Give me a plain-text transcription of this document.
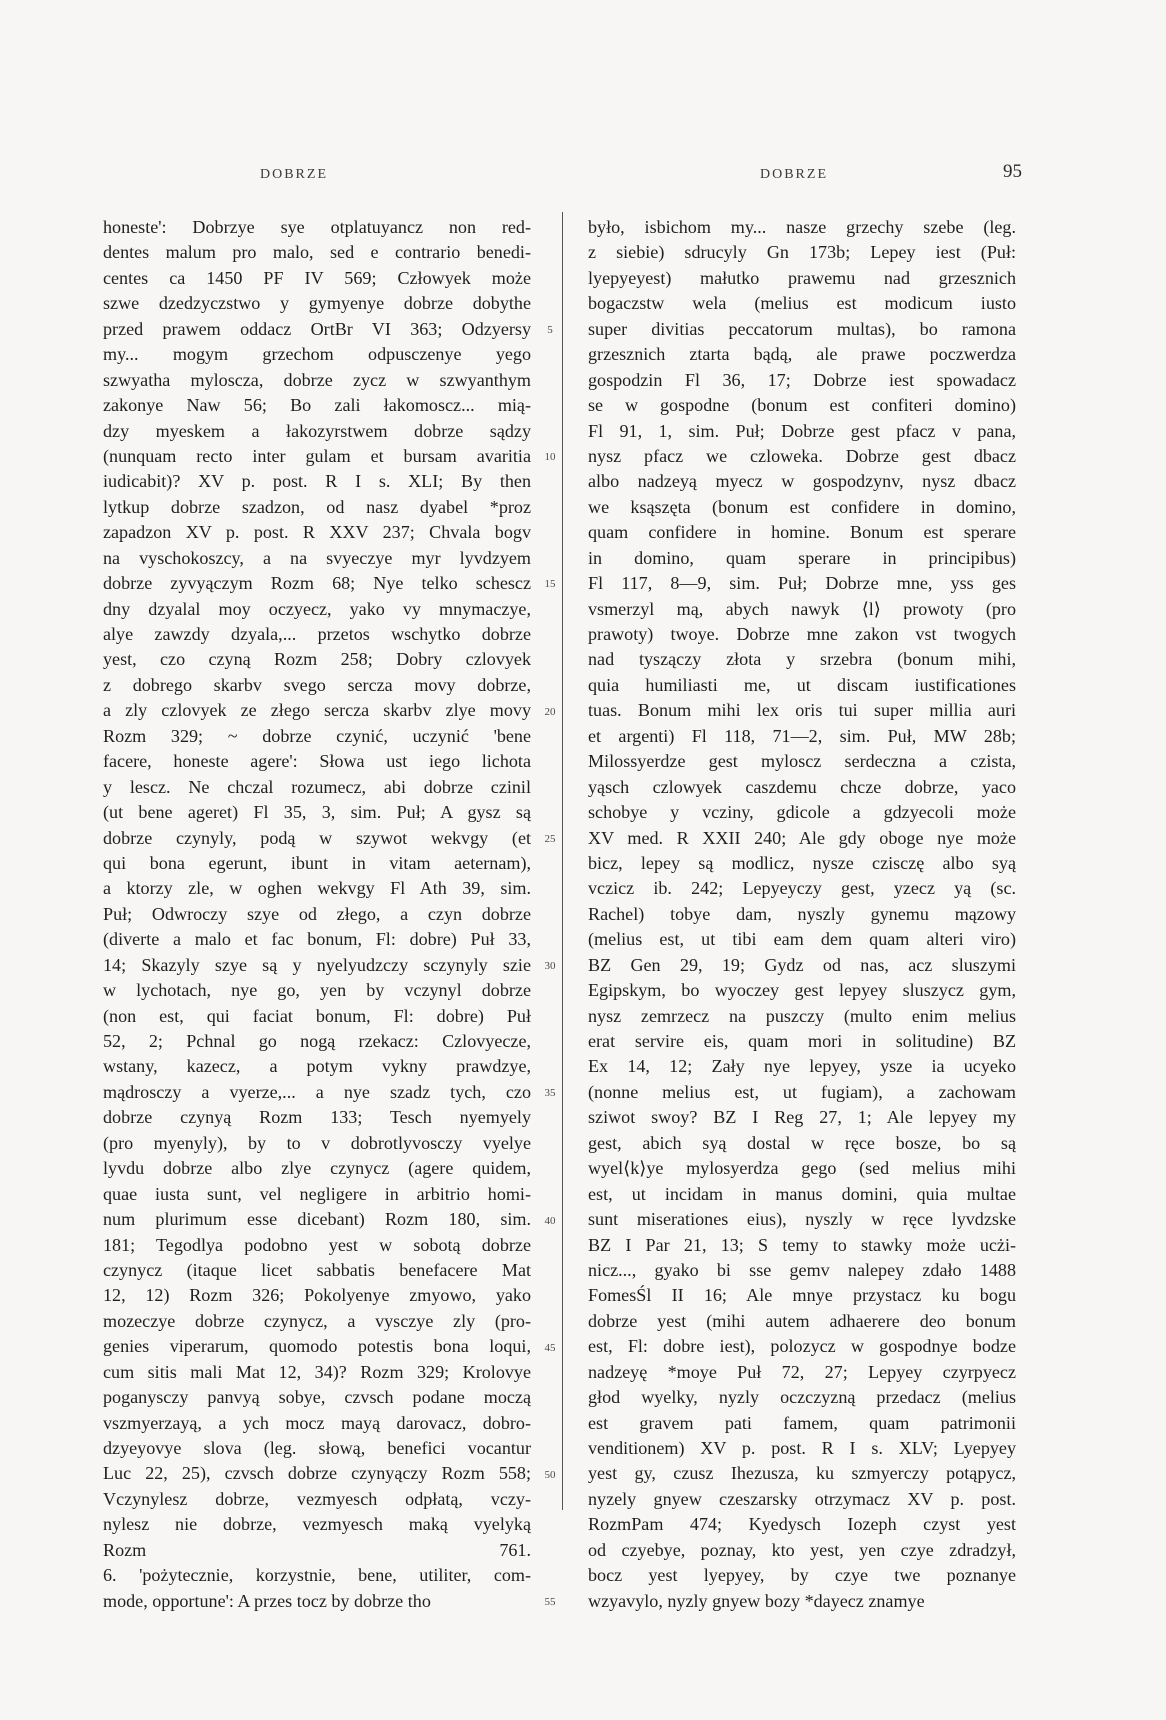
DOBRZE	DOBRZE	95
honeste': Dobrzye sye otplatuyancz non red-
dentes malum pro malo, sed e contrario benedi-
centes ca 1450 PF IV 569; Człowyek może
szwe dzedzyczstwo y gymyenye dobrze dobythe
przed prawem oddacz OrtBr VI 363; Odzyersy
my... mogym grzechom odpusczenye yego
szwyatha myloscza, dobrze zycz w szwyanthym
zakonye Naw 56; Bo zali łakomoscz... mią-
dzy myeskem a łakozyrstwem dobrze sądzy
(nunquam recto inter gulam et bursam avaritia
iudicabit)? XV p. post. R I s. XLI; By then
lytkup dobrze szadzon, od nasz dyabel *proz
zapadzon XV p. post. R XXV 237; Chvala bogv
na vyschokoszcy, a na svyeczye myr lyvdzyem
dobrze zyvyączym Rozm 68; Nye telko schescz
dny dzyalal moy oczyecz, yako vy mnymaczye,
alye zawzdy dzyala,... przetos wschytko dobrze
yest, czo czyną Rozm 258; Dobry czlovyek
z dobrego skarbv svego sercza movy dobrze,
a zly czlovyek ze złego sercza skarbv zlye movy
Rozm 329; ~ dobrze czynić, uczynić 'bene
facere, honeste agere': Słowa ust iego lichota
y lescz. Ne chczal rozumecz, abi dobrze czinil
(ut bene ageret) Fl 35, 3, sim. Puł; A gysz są
dobrze czynyly, podą w szywot wekvgy (et
qui bona egerunt, ibunt in vitam aeternam),
a ktorzy zle, w oghen wekvgy Fl Ath 39, sim.
Puł; Odwroczy szye od złego, a czyn dobrze
(diverte a malo et fac bonum, Fl: dobre) Puł 33,
14; Skazyly szye są y nyelyudzczy sczynyly szie
w lychotach, nye go, yen by vczynyl dobrze
(non est, qui faciat bonum, Fl: dobre) Puł
52, 2; Pchnal go nogą rzekacz: Czlovyeczе,
wstany, kazecz, a potym vykny prawdzye,
mądrosczy a vyerze,... a nye szadz tych, czo
dobrze czynyą Rozm 133; Tesch nyemyely
(pro myenyly), by to v dobrotlyvosczy vyelye
lyvdu dobrze albo zlye czynycz (agere quidem,
quae iusta sunt, vel negligere in arbitrio homi-
num plurimum esse dicebant) Rozm 180, sim.
181; Tegodlya podobno yest w sobotą dobrze
czynycz (itaque licet sabbatis benefacere Mat
12, 12) Rozm 326; Pokolyenye zmyowo, yako
mozeczye dobrze czynycz, a vysczye zly (pro-
genies viperarum, quomodo potestis bona loqui,
cum sitis mali Mat 12, 34)? Rozm 329; Krolovye
poganysczy panvyą sobye, czvsch podane moczą
vszmyerzayą, a ych mocz mayą darovacz, dobro-
dzyeyovye slova (leg. słową, benefici vocantur
Luc 22, 25), czvsch dobrze czynyączy Rozm 558;
Vczynylesz dobrze, vezmyesch odpłatą, vczy-
nylesz nie dobrze, vezmyesch maką vyelyką
Rozm 761.
6. 'pożytecznie, korzystnie, bene, utiliter, com-
mode, opportune': A przes tocz by dobrze tho
5
10
15
20
25
30
35
40
45
50
55
było, isbichom my... nasze grzechy szebe (leg.
z siebie) sdrucyly Gn 173b; Lepey iest (Puł:
lyepyeyest) małutko prawemu nad grzesznich
bogaczstw wela (melius est modicum iusto
super divitias peccatorum multas), bo ramona
grzesznich ztarta bądą, ale prawe poczwerdza
gospodzin Fl 36, 17; Dobrze iest spowadacz
se w gospodne (bonum est confiteri domino)
Fl 91, 1, sim. Puł; Dobrze gest pfacz v pana,
nysz pfacz we czloweka. Dobrze gest dbacz
albo nadzeyą myecz w gospodzynv, nysz dbacz
we ksąszęta (bonum est confidere in domino,
quam confidere in homine. Bonum est sperare
in domino, quam sperare in principibus)
Fl 117, 8—9, sim. Puł; Dobrze mne, yss ges
vsmerzyl mą, abych nawyk ⟨l⟩ prowoty (pro
prawoty) twoye. Dobrze mne zakon vst twogych
nad tyszączy złota y srzebra (bonum mihi,
quia humiliasti me, ut discam iustificationes
tuas. Bonum mihi lex oris tui super millia auri
et argenti) Fl 118, 71—2, sim. Puł, MW 28b;
Milossyerdze gest myloscz serdeczna a czista,
yąsch czlowyek caszdemu chcze dobrze, yaco
schobye y vcziny, gdicole a gdzyecoli może
XV med. R XXII 240; Ale gdy oboge nye może
bicz, lepey są modlicz, nysze czisczę albo syą
vczicz ib. 242; Lepyeyczy gest, yzecz yą (sc.
Rachel) tobye dam, nyszly gynemu mązowy
(melius est, ut tibi eam dem quam alteri viro)
BZ Gen 29, 19; Gydz od nas, acz sluszymi
Egipskym, bo wyoczey gest lepyey sluszycz gym,
nysz zemrzecz na puszczy (multo enim melius
erat servire eis, quam mori in solitudine) BZ
Ex 14, 12; Zały nye lepyey, ysze ia ucyeko
(nonne melius est, ut fugiam), a zachowam
sziwot swoy? BZ I Reg 27, 1; Ale lepyey my
gest, abich syą dostal w ręce bosze, bo są
wyel⟨k⟩ye mylosyerdza gego (sed melius mihi
est, ut incidam in manus domini, quia multae
sunt miserationes eius), nyszly w ręce lyvdzske
BZ I Par 21, 13; S temy to stawky może ucżi-
nicz..., gyako bi sse gemv nalepey zdało 1488
FomesŚl II 16; Ale mnye przystacz ku bogu
dobrze yest (mihi autem adhaerere deo bonum
est, Fl: dobre iest), polozycz w gospodnye bodze
nadzeyę *moye Puł 72, 27; Lepyey czyrpyecz
głod wyelky, nyzly oczczyzną przedacz (melius
est gravem pati famem, quam patrimonii
venditionem) XV p. post. R I s. XLV; Lyepyey
yest gy, czusz Ihezusza, ku szmyerczy potąpycz,
nyzely gnyew czeszarsky otrzymacz XV p. post.
RozmPam 474; Kyedysch Iozeph czyst yest
od czyebye, poznay, kto yest, yen czye zdradzył,
bocz yest lyepyey, by czye twe poznanye
wzyavylo, nyzly gnyew bozy *dayecz znamye
